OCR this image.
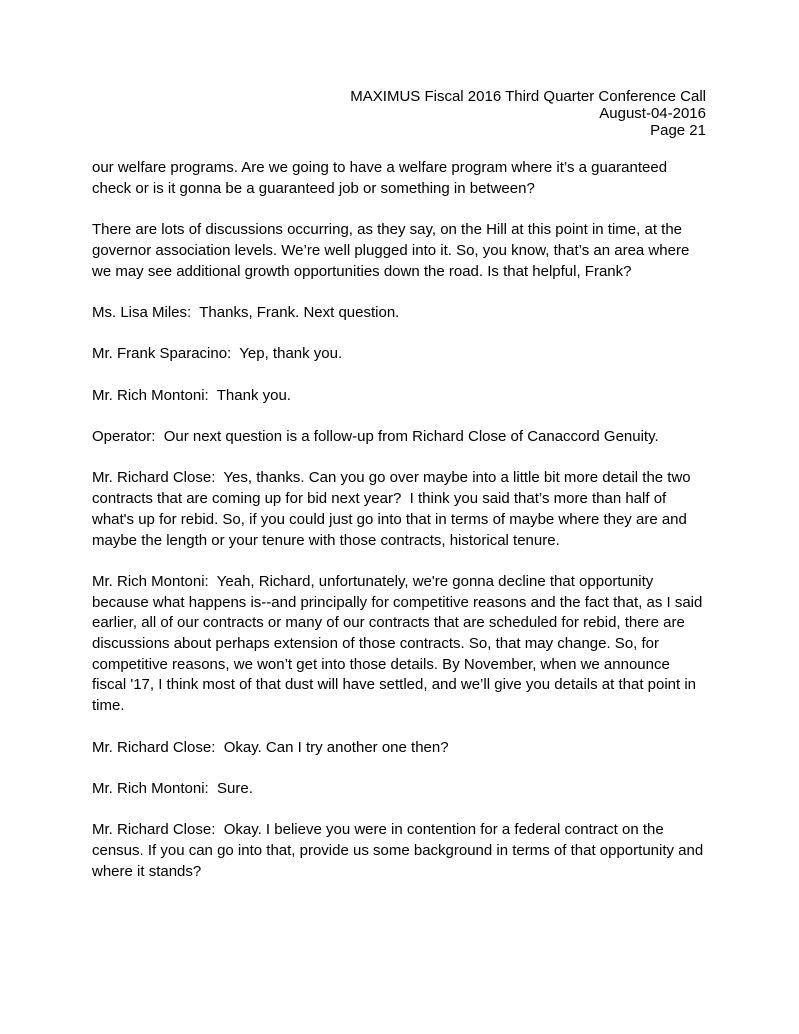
MAXIMUS Fiscal 2016 Third Quarter Conference Call
August-04-2016
Page 21

our welfare programs. Are we going to have a welfare program where it’s a guaranteed check or is it gonna be a guaranteed job or something in between?

There are lots of discussions occurring, as they say, on the Hill at this point in time, at the governor association levels. We’re well plugged into it. So, you know, that’s an area where we may see additional growth opportunities down the road. Is that helpful, Frank?

Ms. Lisa Miles:  Thanks, Frank. Next question.

Mr. Frank Sparacino:  Yep, thank you.

Mr. Rich Montoni:  Thank you.

Operator:  Our next question is a follow-up from Richard Close of Canaccord Genuity.

Mr. Richard Close:  Yes, thanks. Can you go over maybe into a little bit more detail the two contracts that are coming up for bid next year?  I think you said that’s more than half of what's up for rebid. So, if you could just go into that in terms of maybe where they are and maybe the length or your tenure with those contracts, historical tenure.

Mr. Rich Montoni:  Yeah, Richard, unfortunately, we're gonna decline that opportunity because what happens is--and principally for competitive reasons and the fact that, as I said earlier, all of our contracts or many of our contracts that are scheduled for rebid, there are discussions about perhaps extension of those contracts. So, that may change. So, for competitive reasons, we won’t get into those details. By November, when we announce fiscal '17, I think most of that dust will have settled, and we’ll give you details at that point in time.

Mr. Richard Close:  Okay. Can I try another one then?

Mr. Rich Montoni:  Sure.

Mr. Richard Close:  Okay. I believe you were in contention for a federal contract on the census. If you can go into that, provide us some background in terms of that opportunity and where it stands?
